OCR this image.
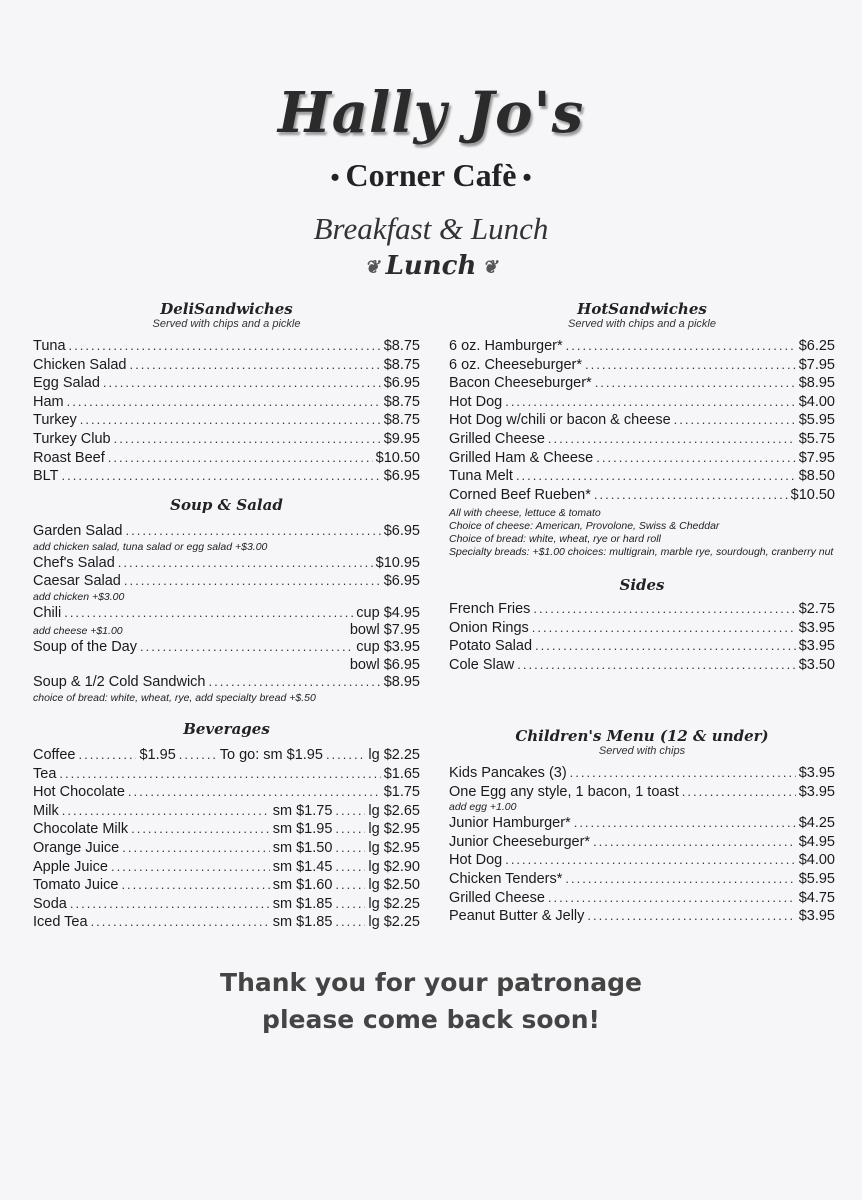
Hally Jo's
• Corner Cafè •
Breakfast & Lunch
❦ Lunch ❦
DeliSandwiches
Served with chips and a pickle
Tuna .....	$8.75
Chicken Salad .....	$8.75
Egg Salad .....	$6.95
Ham .....	$8.75
Turkey .....	$8.75
Turkey Club .....	$9.95
Roast Beef .....	$10.50
BLT .....	$6.95
Soup & Salad
Garden Salad .....	$6.95
add chicken salad, tuna salad or egg salad +$3.00
Chef's Salad .....	$10.95
Caesar Salad .....	$6.95
add chicken +$3.00
Chili .....	cup $4.95
add cheese +$1.00	bowl $7.95
Soup of the Day .....	cup $3.95
bowl $6.95
Soup & 1/2 Cold Sandwich .....	$8.95
choice of bread: white, wheat, rye, add specialty bread +$.50
Beverages
Coffee .....	$1.95 .....	To go: sm $1.95 .....	lg $2.25
Tea .....	$1.65
Hot Chocolate .....	$1.75
Milk .....	sm $1.75 ..... lg $2.65
Chocolate Milk .....	sm $1.95 ..... lg $2.95
Orange Juice .....	sm $1.50 ..... lg $2.95
Apple Juice .....	sm $1.45 ..... lg $2.90
Tomato Juice .....	sm $1.60 ..... lg $2.50
Soda .....	sm $1.85 ..... lg $2.25
Iced Tea .....	sm $1.85 ..... lg $2.25
HotSandwiches
Served with chips and a pickle
6 oz. Hamburger* .....	$6.25
6 oz. Cheeseburger* .....	$7.95
Bacon Cheeseburger* .....	$8.95
Hot Dog .....	$4.00
Hot Dog w/chili or bacon & cheese .....	$5.95
Grilled Cheese .....	$5.75
Grilled Ham & Cheese .....	$7.95
Tuna Melt .....	$8.50
Corned Beef Rueben* .....	$10.50
All with cheese, lettuce & tomato
Choice of cheese: American, Provolone, Swiss & Cheddar
Choice of bread: white, wheat, rye or hard roll
Specialty breads: +$1.00 choices: multigrain, marble rye, sourdough, cranberry nut
Sides
French Fries .....	$2.75
Onion Rings .....	$3.95
Potato Salad .....	$3.95
Cole Slaw .....	$3.50
Children's Menu (12 & under)
Served with chips
Kids Pancakes (3) .....	$3.95
One Egg any style, 1 bacon, 1 toast .....	$3.95
add egg +1.00
Junior Hamburger* .....	$4.25
Junior Cheeseburger* .....	$4.95
Hot Dog .....	$4.00
Chicken Tenders* .....	$5.95
Grilled Cheese .....	$4.75
Peanut Butter & Jelly .....	$3.95
Thank you for your patronage
please come back soon!
